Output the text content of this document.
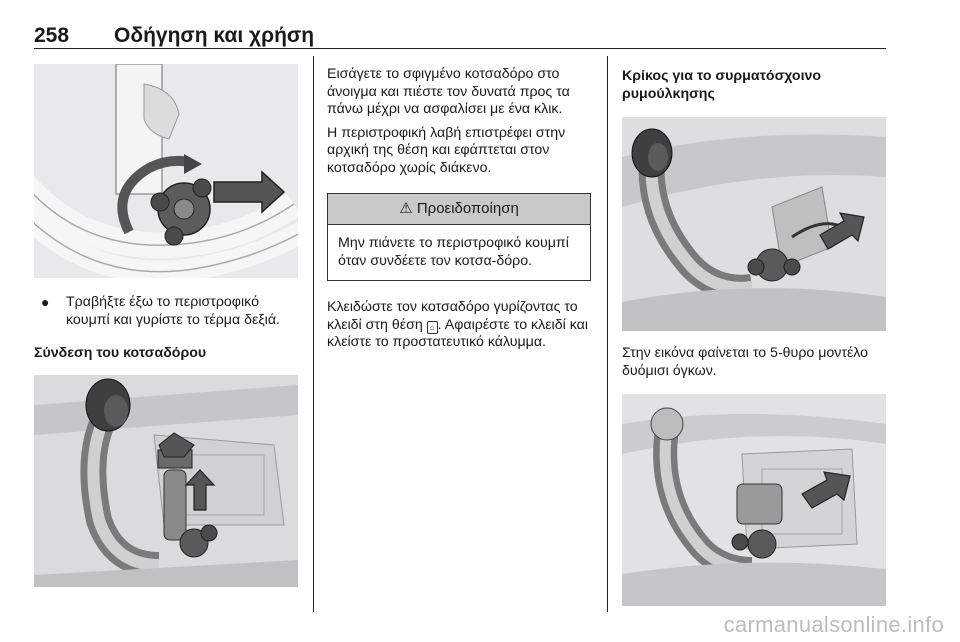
258 Οδήγηση και χρήση
● Τραβήξτε έξω το περιστροφικό κουμπί και γυρίστε το τέρμα δεξιά.

Σύνδεση του κοτσαδόρου

Εισάγετε το σφιγμένο κοτσαδόρο στο άνοιγμα και πιέστε τον δυνατά προς τα πάνω μέχρι να ασφαλίσει με ένα κλικ.

Η περιστροφική λαβή επιστρέφει στην αρχική της θέση και εφάπτεται στον κοτσαδόρο χωρίς διάκενο.

⚠ Προειδοποίηση

Μην πιάνετε το περιστροφικό κουμπί όταν συνδέετε τον κοτσα-δόρο.

Κλειδώστε τον κοτσαδόρο γυρίζοντας το κλειδί στη θέση ⌂ . Αφαιρέστε το κλειδί και κλείστε το προστατευτικό κάλυμμα.

Κρίκος για το συρματόσχοινο ρυμούλκησης

Στην εικόνα φαίνεται το 5-θυρο μοντέλο δυόμισι όγκων.

carmanualsonline.info
